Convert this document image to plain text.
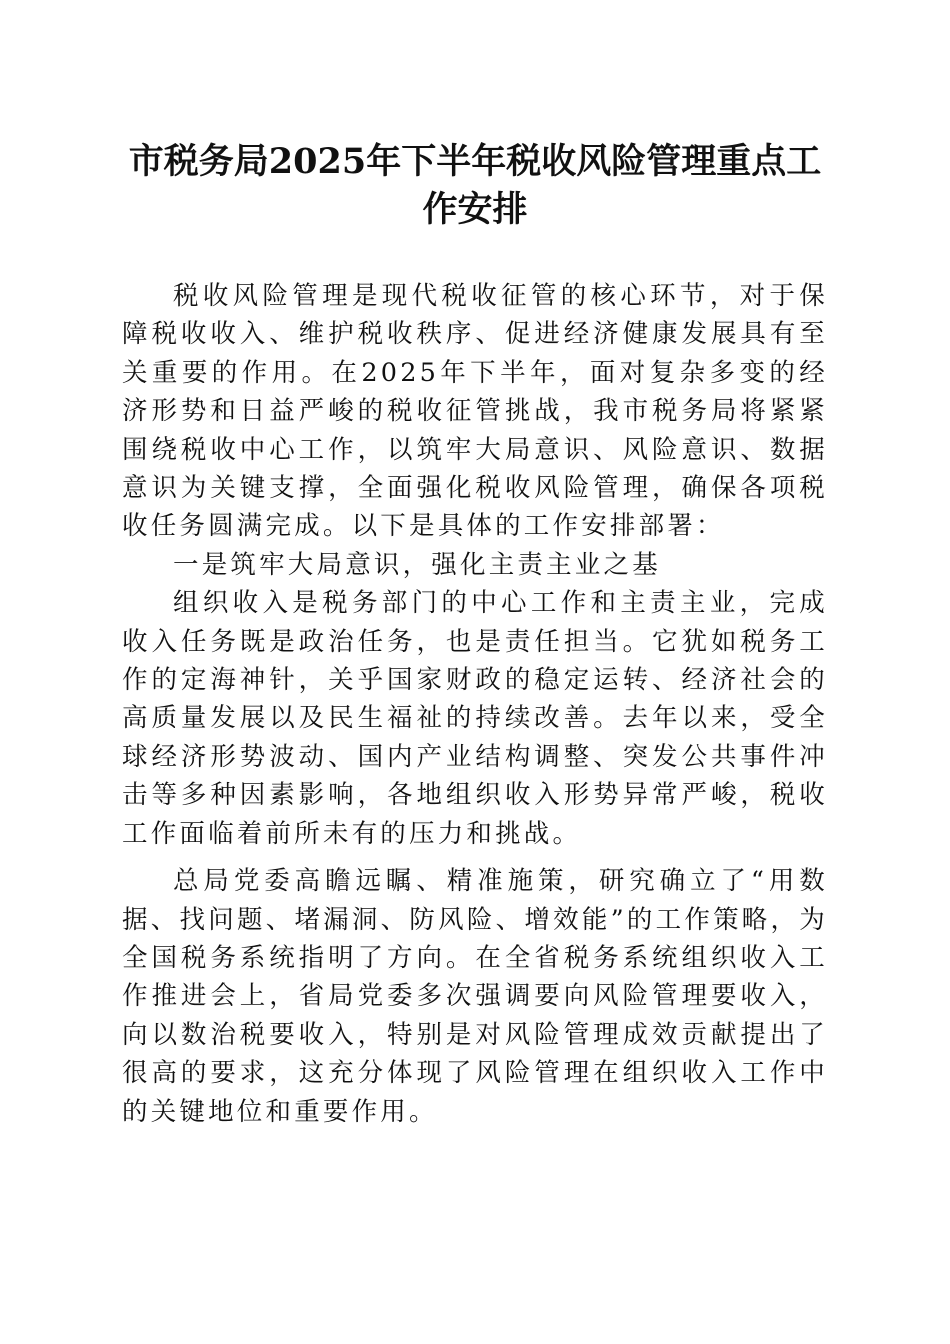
市税务局2025年下半年税收风险管理重点工作安排

税收风险管理是现代税收征管的核心环节，对于保障税收收入、维护税收秩序、促进经济健康发展具有至关重要的作用。在2025年下半年，面对复杂多变的经济形势和日益严峻的税收征管挑战，我市税务局将紧紧围绕税收中心工作，以筑牢大局意识、风险意识、数据意识为关键支撑，全面强化税收风险管理，确保各项税收任务圆满完成。以下是具体的工作安排部署：

一是筑牢大局意识，强化主责主业之基

组织收入是税务部门的中心工作和主责主业，完成收入任务既是政治任务，也是责任担当。它犹如税务工作的定海神针，关乎国家财政的稳定运转、经济社会的高质量发展以及民生福祉的持续改善。去年以来，受全球经济形势波动、国内产业结构调整、突发公共事件冲击等多种因素影响，各地组织收入形势异常严峻，税收工作面临着前所未有的压力和挑战。

总局党委高瞻远瞩、精准施策，研究确立了“用数据、找问题、堵漏洞、防风险、增效能”的工作策略，为全国税务系统指明了方向。在全省税务系统组织收入工作推进会上，省局党委多次强调要向风险管理要收入，向以数治税要收入，特别是对风险管理成效贡献提出了很高的要求，这充分体现了风险管理在组织收入工作中的关键地位和重要作用。
